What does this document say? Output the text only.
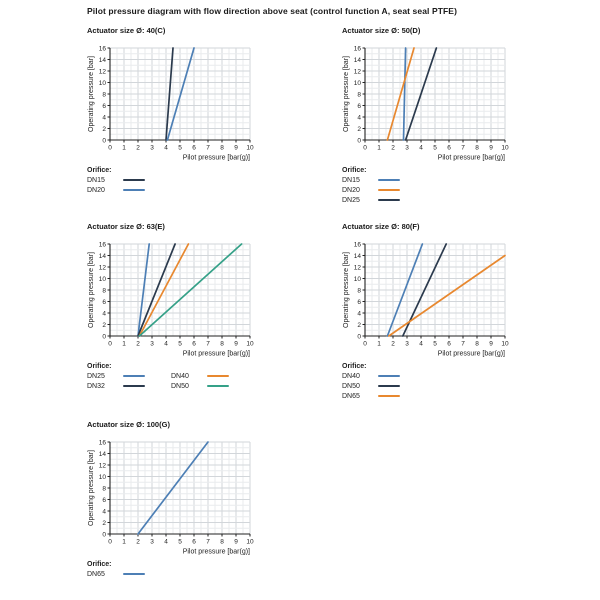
Pilot pressure diagram with flow direction above seat (control function A, seat seal PTFE)
Actuator size Ø: 40(C)
0 1 2 3 4 5 6 7 8 9 10
0
2
4
6
8
10
12
14
16
Pilot pressure [bar(g)]
Operating pressure [bar]
Orifice:
DN15
DN20
Actuator size Ø: 50(D)
0 1 2 3 4 5 6 7 8 9 10
0
2
4
6
8
10
12
14
16
Pilot pressure [bar(g)]
Operating pressure [bar]
Orifice:
DN15
DN20
DN25
Actuator size Ø: 63(E)
0 1 2 3 4 5 6 7 8 9 10
0
2
4
6
8
10
12
14
16
Pilot pressure [bar(g)]
Operating pressure [bar]
Orifice:
DN25
DN32
DN40
DN50
Actuator size Ø: 80(F)
0 1 2 3 4 5 6 7 8 9 10
0
2
4
6
8
10
12
14
16
Pilot pressure [bar(g)]
Operating pressure [bar]
Orifice:
DN40
DN50
DN65
Actuator size Ø: 100(G)
0 1 2 3 4 5 6 7 8 9 10
0
2
4
6
8
10
12
14
16
Pilot pressure [bar(g)]
Operating pressure [bar]
Orifice:
DN65
